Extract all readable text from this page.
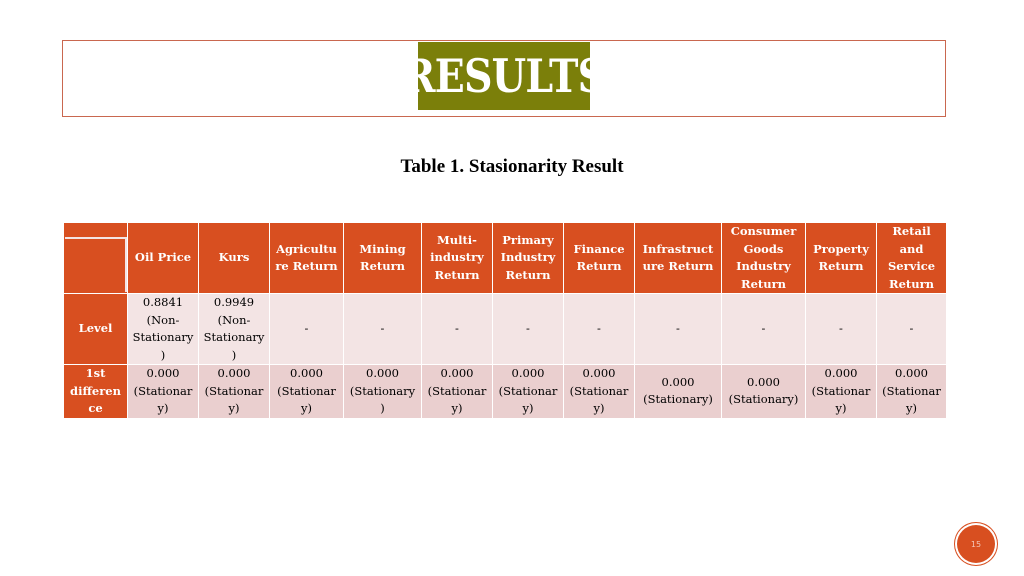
RESULTS
Table 1. Stasionarity Result
	Oil Price	Kurs	Agricultu re Return	Mining Return	Multi- industry Return	Primary Industry Return	Finance Return	Infrastruct ure Return	Consumer Goods Industry Return	Property Return	Retail and Service Return
Level	0.8841 (Non- Stationary )	0.9949 (Non- Stationary )	-	-	-	-	-	-	-	-	-
1st differen ce	0.000 (Stationar y)	0.000 (Stationar y)	0.000 (Stationar y)	0.000 (Stationary )	0.000 (Stationar y)	0.000 (Stationar y)	0.000 (Stationar y)	0.000 (Stationary)	0.000 (Stationary)	0.000 (Stationar y)	0.000 (Stationar y)
15
